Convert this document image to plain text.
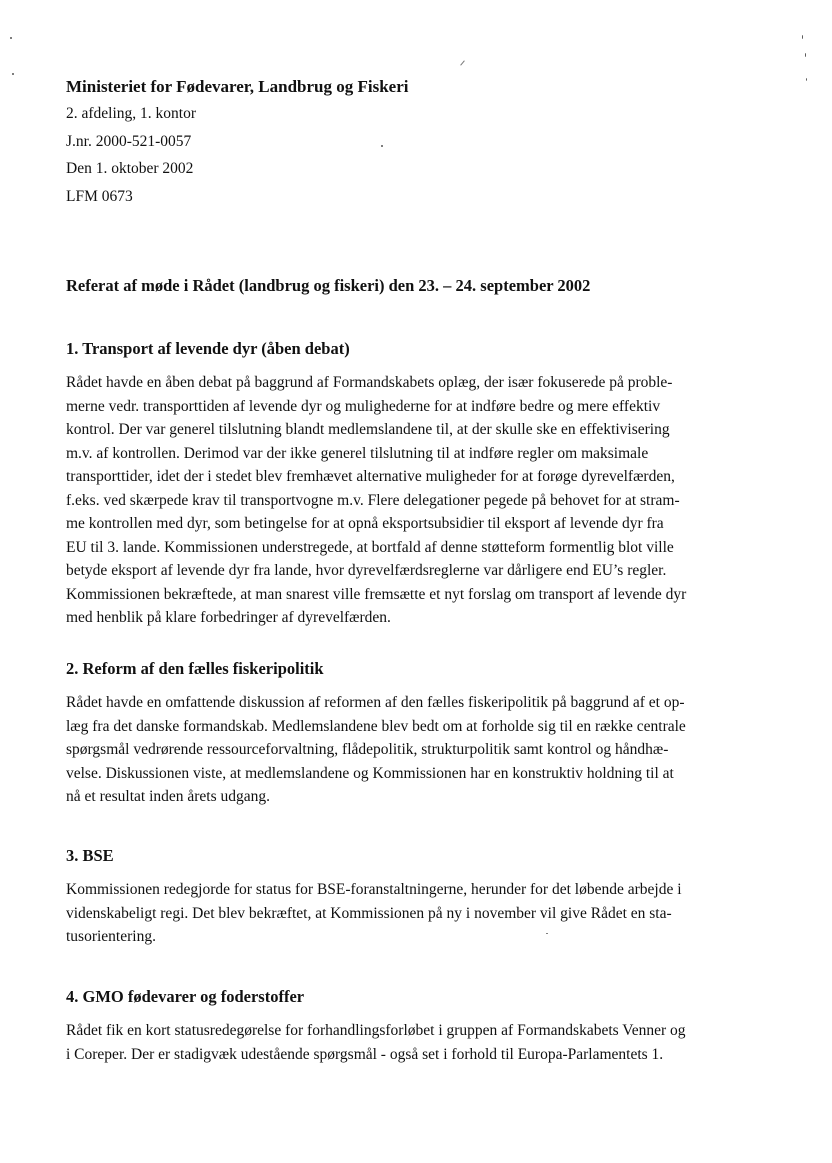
Ministeriet for Fødevarer, Landbrug og Fiskeri

2. afdeling, 1. kontor

J.nr. 2000-521-0057

Den 1. oktober 2002

LFM 0673

Referat af møde i Rådet (landbrug og fiskeri) den 23. – 24. september 2002

1. Transport af levende dyr (åben debat)

Rådet havde en åben debat på baggrund af Formandskabets oplæg, der især fokuserede på proble-
merne vedr. transporttiden af levende dyr og mulighederne for at indføre bedre og mere effektiv
kontrol. Der var generel tilslutning blandt medlemslandene til, at der skulle ske en effektivisering
m.v. af kontrollen. Derimod var der ikke generel tilslutning til at indføre regler om maksimale
transporttider, idet der i stedet blev fremhævet alternative muligheder for at forøge dyrevelfærden,
f.eks. ved skærpede krav til transportvogne m.v. Flere delegationer pegede på behovet for at stram-
me kontrollen med dyr, som betingelse for at opnå eksportsubsidier til eksport af levende dyr fra
EU til 3. lande. Kommissionen understregede, at bortfald af denne støtteform formentlig blot ville
betyde eksport af levende dyr fra lande, hvor dyrevelfærdsreglerne var dårligere end EU’s regler.
Kommissionen bekræftede, at man snarest ville fremsætte et nyt forslag om transport af levende dyr
med henblik på klare forbedringer af dyrevelfærden.

2. Reform af den fælles fiskeripolitik

Rådet havde en omfattende diskussion af reformen af den fælles fiskeripolitik på baggrund af et op-
læg fra det danske formandskab. Medlemslandene blev bedt om at forholde sig til en række centrale
spørgsmål vedrørende ressourceforvaltning, flådepolitik, strukturpolitik samt kontrol og håndhæ-
velse. Diskussionen viste, at medlemslandene og Kommissionen har en konstruktiv holdning til at
nå et resultat inden årets udgang.

3. BSE

Kommissionen redegjorde for status for BSE-foranstaltningerne, herunder for det løbende arbejde i
videnskabeligt regi. Det blev bekræftet, at Kommissionen på ny i november vil give Rådet en sta-
tusorientering.

4. GMO fødevarer og foderstoffer

Rådet fik en kort statusredegørelse for forhandlingsforløbet i gruppen af Formandskabets Venner og
i Coreper. Der er stadigvæk udestående spørgsmål - også set i forhold til Europa-Parlamentets 1.
